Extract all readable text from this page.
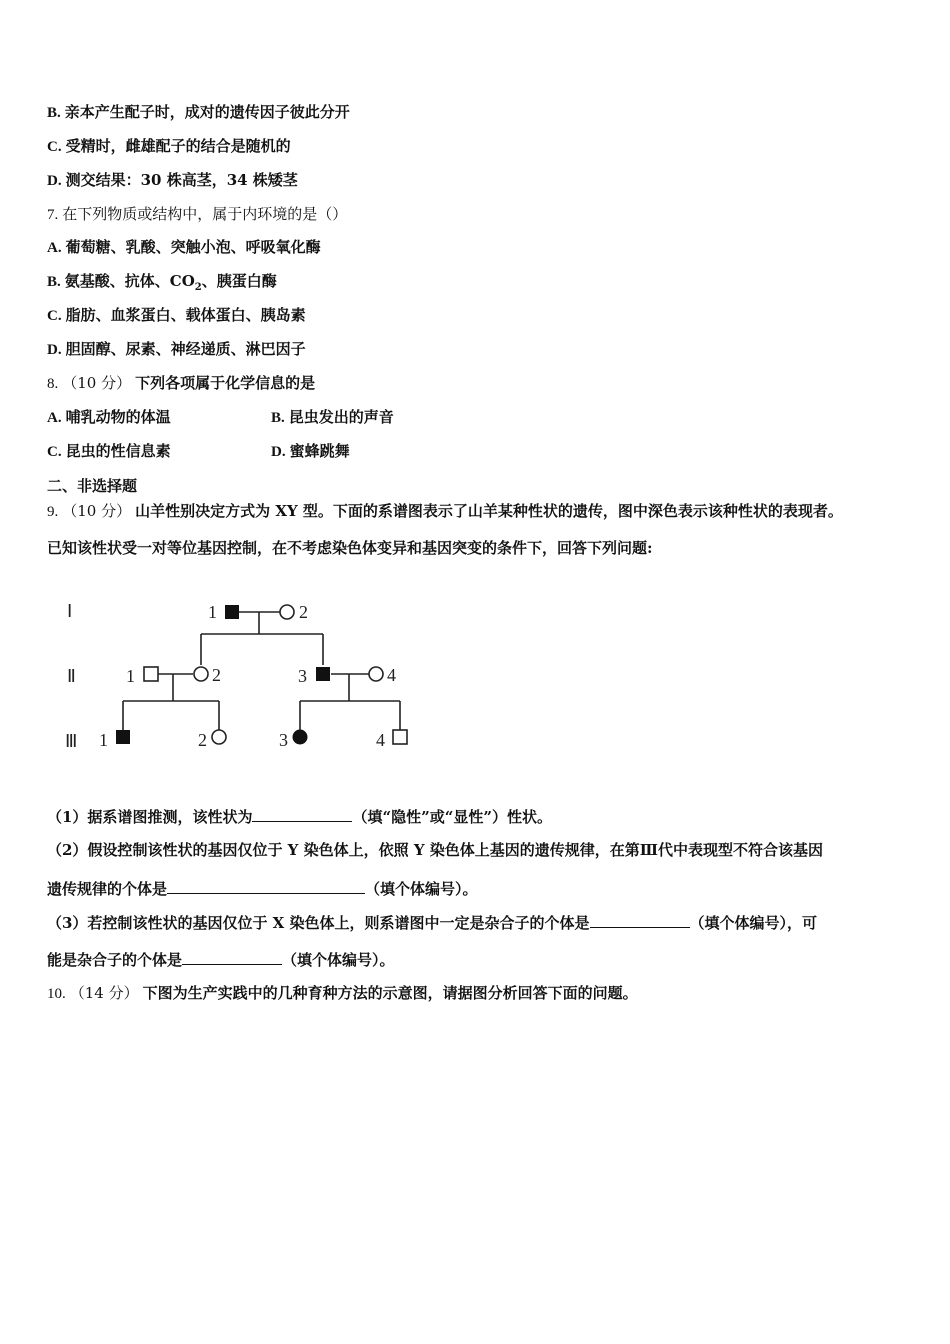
B. 亲本产生配子时，成对的遗传因子彼此分开
C. 受精时，雌雄配子的结合是随机的
D. 测交结果：30 株高茎，34 株矮茎
7. 在下列物质或结构中，属于内环境的是（）
A. 葡萄糖、乳酸、突触小泡、呼吸氧化酶
B. 氨基酸、抗体、$CO_2$、胰蛋白酶
C. 脂肪、血浆蛋白、载体蛋白、胰岛素
D. 胆固醇、尿素、神经递质、淋巴因子
8. （10 分） 下列各项属于化学信息的是
A. 哺乳动物的体温	B. 昆虫发出的声音
C. 昆虫的性信息素	D. 蜜蜂跳舞
二、非选择题
9. （10 分） 山羊性别决定方式为 XY 型。下面的系谱图表示了山羊某种性状的遗传，图中深色表示该种性状的表现者。
已知该性状受一对等位基因控制，在不考虑染色体变异和基因突变的条件下，回答下列问题:
Ⅰ
Ⅱ
Ⅲ
1	2
1	2	3	4
1	2	3	4
（1）据系谱图推测，该性状为	（填“隐性”或“显性”）性状。
（2）假设控制该性状的基因仅位于 Y 染色体上，依照 Y 染色体上基因的遗传规律，在第Ⅲ代中表现型不符合该基因
遗传规律的个体是	（填个体编号）。
（3）若控制该性状的基因仅位于 X 染色体上，则系谱图中一定是杂合子的个体是	（填个体编号），可
能是杂合子的个体是	（填个体编号）。
10. （14 分） 下图为生产实践中的几种育种方法的示意图，请据图分析回答下面的问题。
